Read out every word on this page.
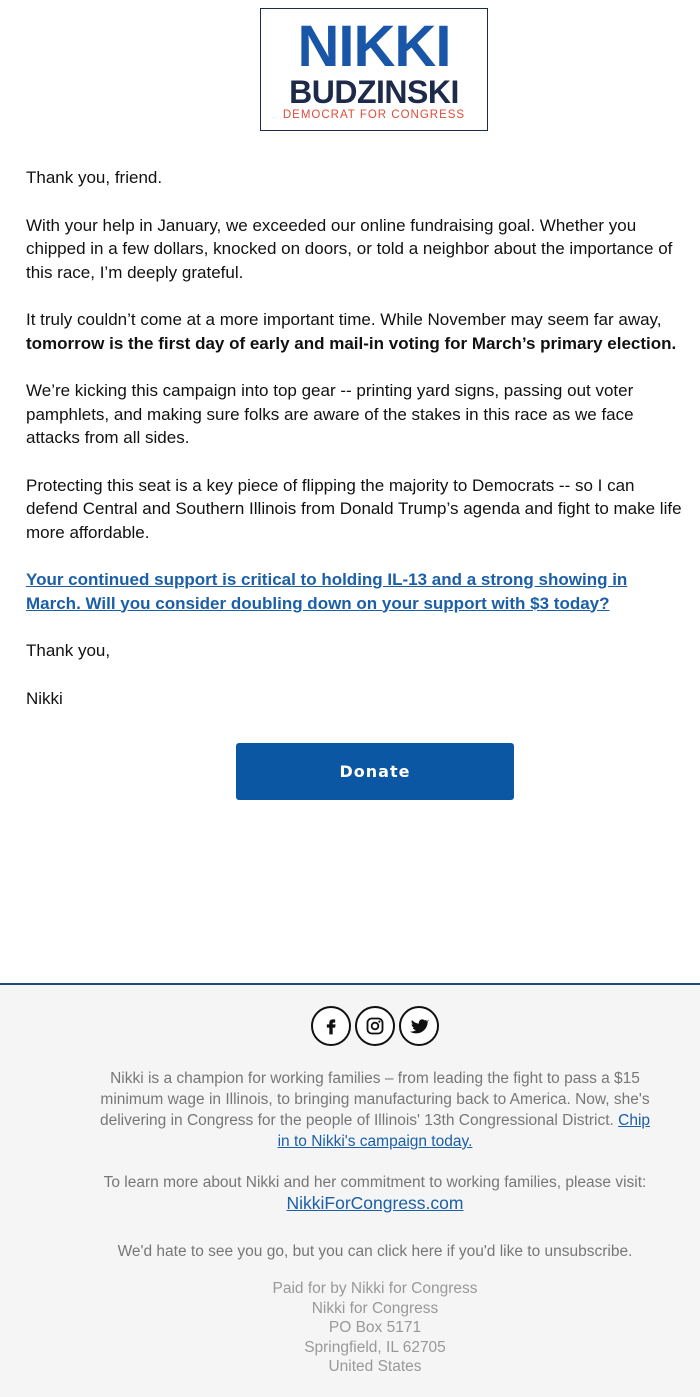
NIKKI
BUDZINSKI
DEMOCRAT FOR CONGRESS

Thank you, friend.

With your help in January, we exceeded our online fundraising goal. Whether you
chipped in a few dollars, knocked on doors, or told a neighbor about the importance of
this race, I’m deeply grateful.

It truly couldn’t come at a more important time. While November may seem far away,
tomorrow is the first day of early and mail-in voting for March’s primary election.

We’re kicking this campaign into top gear -- printing yard signs, passing out voter
pamphlets, and making sure folks are aware of the stakes in this race as we face
attacks from all sides.

Protecting this seat is a key piece of flipping the majority to Democrats -- so I can
defend Central and Southern Illinois from Donald Trump’s agenda and fight to make life
more affordable.

Your continued support is critical to holding IL-13 and a strong showing in
March. Will you consider doubling down on your support with $3 today?

Thank you,

Nikki

Donate
Nikki is a champion for working families – from leading the fight to pass a $15
minimum wage in Illinois, to bringing manufacturing back to America. Now, she's
delivering in Congress for the people of Illinois' 13th Congressional District. Chip
in to Nikki's campaign today.
To learn more about Nikki and her commitment to working families, please visit:
NikkiForCongress.com
We'd hate to see you go, but you can click here if you'd like to unsubscribe.
Paid for by Nikki for Congress
Nikki for Congress
PO Box 5171
Springfield, IL 62705
United States
